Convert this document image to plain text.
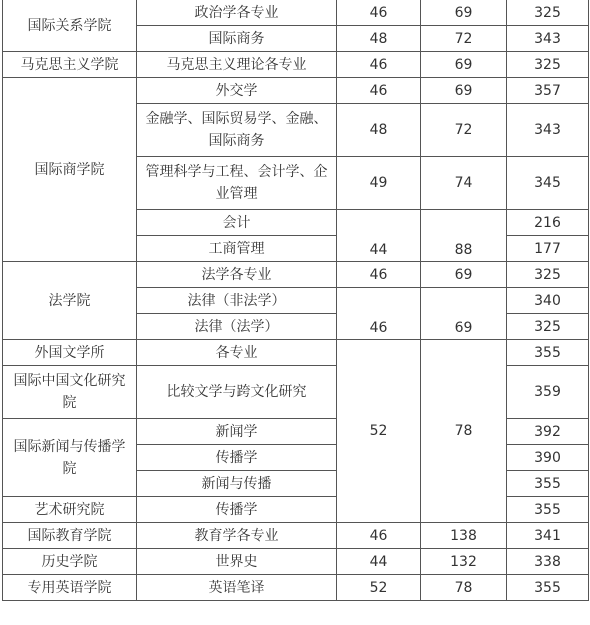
国际关系学院	政治学各专业	46	69	325
	国际商务	48	72	343
马克思主义学院	马克思主义理论各专业	46	69	325
国际商学院	外交学	46	69	357
	金融学、国际贸易学、金融、国际商务	48	72	343
	管理科学与工程、会计学、企业管理	49	74	345
	会计	44	88	216
	工商管理			177
法学院	法学各专业	46	69	325
	法律（非法学）	46	69	340
	法律（法学）			325
外国文学所	各专业	52	78	355
国际中国文化研究院	比较文学与跨文化研究			359
国际新闻与传播学院	新闻学			392
	传播学			390
	新闻与传播			355
艺术研究院	传播学			355
国际教育学院	教育学各专业	46	138	341
历史学院	世界史	44	132	338
专用英语学院	英语笔译	52	78	355
